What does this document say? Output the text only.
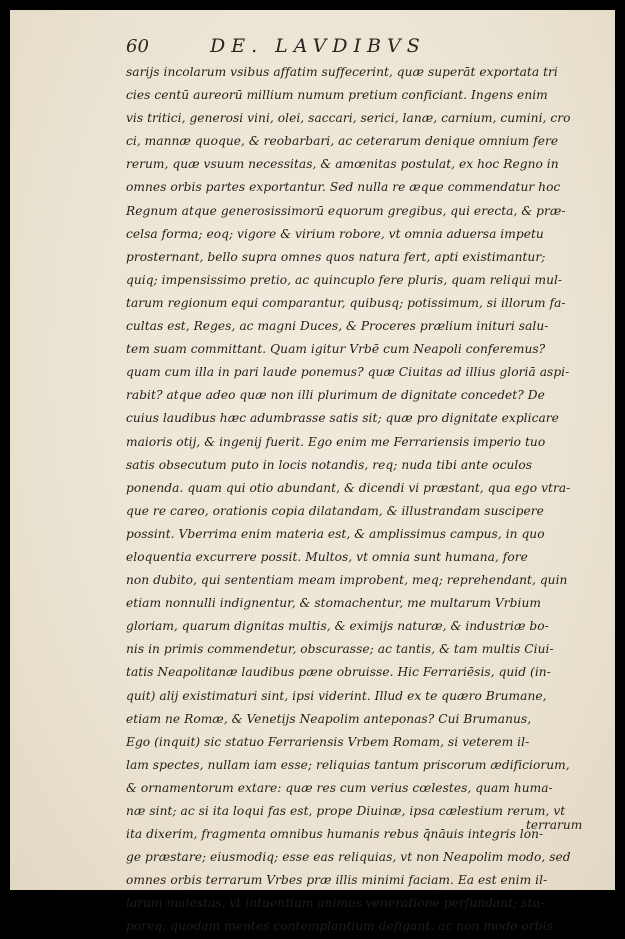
60	DE. LAVDIBVS
sarijs incolarum vsibus affatim suffecerint, quæ superāt exportata tri
cies centū aureorū millium numum pretium conficiant. Ingens enim
vis tritici, generosi vini, olei, saccari, serici, lanæ, carnium, cumini, cro
ci, mannæ quoque, & reobarbari, ac ceterarum denique omnium fere
rerum, quæ vsuum necessitas, & amœnitas postulat, ex hoc Regno in
omnes orbis partes exportantur. Sed nulla re æque commendatur hoc
Regnum atque generosissimorū equorum gregibus, qui erecta, & præ-
celsa forma; eoq; vigore & virium robore, vt omnia aduersa impetu
prosternant, bello supra omnes quos natura fert, apti existimantur;
quiq; impensissimo pretio, ac quincuplo fere pluris, quam reliqui mul-
tarum regionum equi comparantur, quibusq; potissimum, si illorum fa-
cultas est, Reges, ac magni Duces, & Proceres prælium inituri salu-
tem suam committant. Quam igitur Vrbē cum Neapoli conferemus?
quam cum illa in pari laude ponemus? quæ Ciuitas ad illius gloriā aspi-
rabit? atque adeo quæ non illi plurimum de dignitate concedet? De
cuius laudibus hæc adumbrasse satis sit; quæ pro dignitate explicare
maioris otij, & ingenij fuerit. Ego enim me Ferrariensis imperio tuo
satis obsecutum puto in locis notandis, req; nuda tibi ante oculos
ponenda. quam qui otio abundant, & dicendi vi præstant, qua ego vtra-
que re careo, orationis copia dilatandam, & illustrandam suscipere
possint. Vberrima enim materia est, & amplissimus campus, in quo
eloquentia excurrere possit. Multos, vt omnia sunt humana, fore
non dubito, qui sententiam meam improbent, meq; reprehendant, quin
etiam nonnulli indignentur, & stomachentur, me multarum Vrbium
gloriam, quarum dignitas multis, & eximijs naturæ, & industriæ bo-
nis in primis commendetur, obscurasse; ac tantis, & tam multis Ciui-
tatis Neapolitanæ laudibus pæne obruisse. Hic Ferrariēsis, quid (in-
quit) alij existimaturi sint, ipsi viderint. Illud ex te quæro Brumane,
etiam ne Romæ, & Venetijs Neapolim anteponas? Cui Brumanus,
Ego (inquit) sic statuo Ferrariensis Vrbem Romam, si veterem il-
lam spectes, nullam iam esse; reliquias tantum priscorum ædificiorum,
& ornamentorum extare: quæ res cum verius cœlestes, quam huma-
næ sint; ac si ita loqui fas est, prope Diuinæ, ipsa cælestium rerum, vt
ita dixerim, fragmenta omnibus humanis rebus q̄nāuis integris lon-
ge præstare; eiusmodiq; esse eas reliquias, vt non Neapolim modo, sed
omnes orbis terrarum Vrbes præ illis minimi faciam. Ea est enim il-
larum maiestas, vt intuentium animos veneratione perfundant; stu-
poreq; quodam mentes contemplantium defigant, ac non modo orbis
terrarum
